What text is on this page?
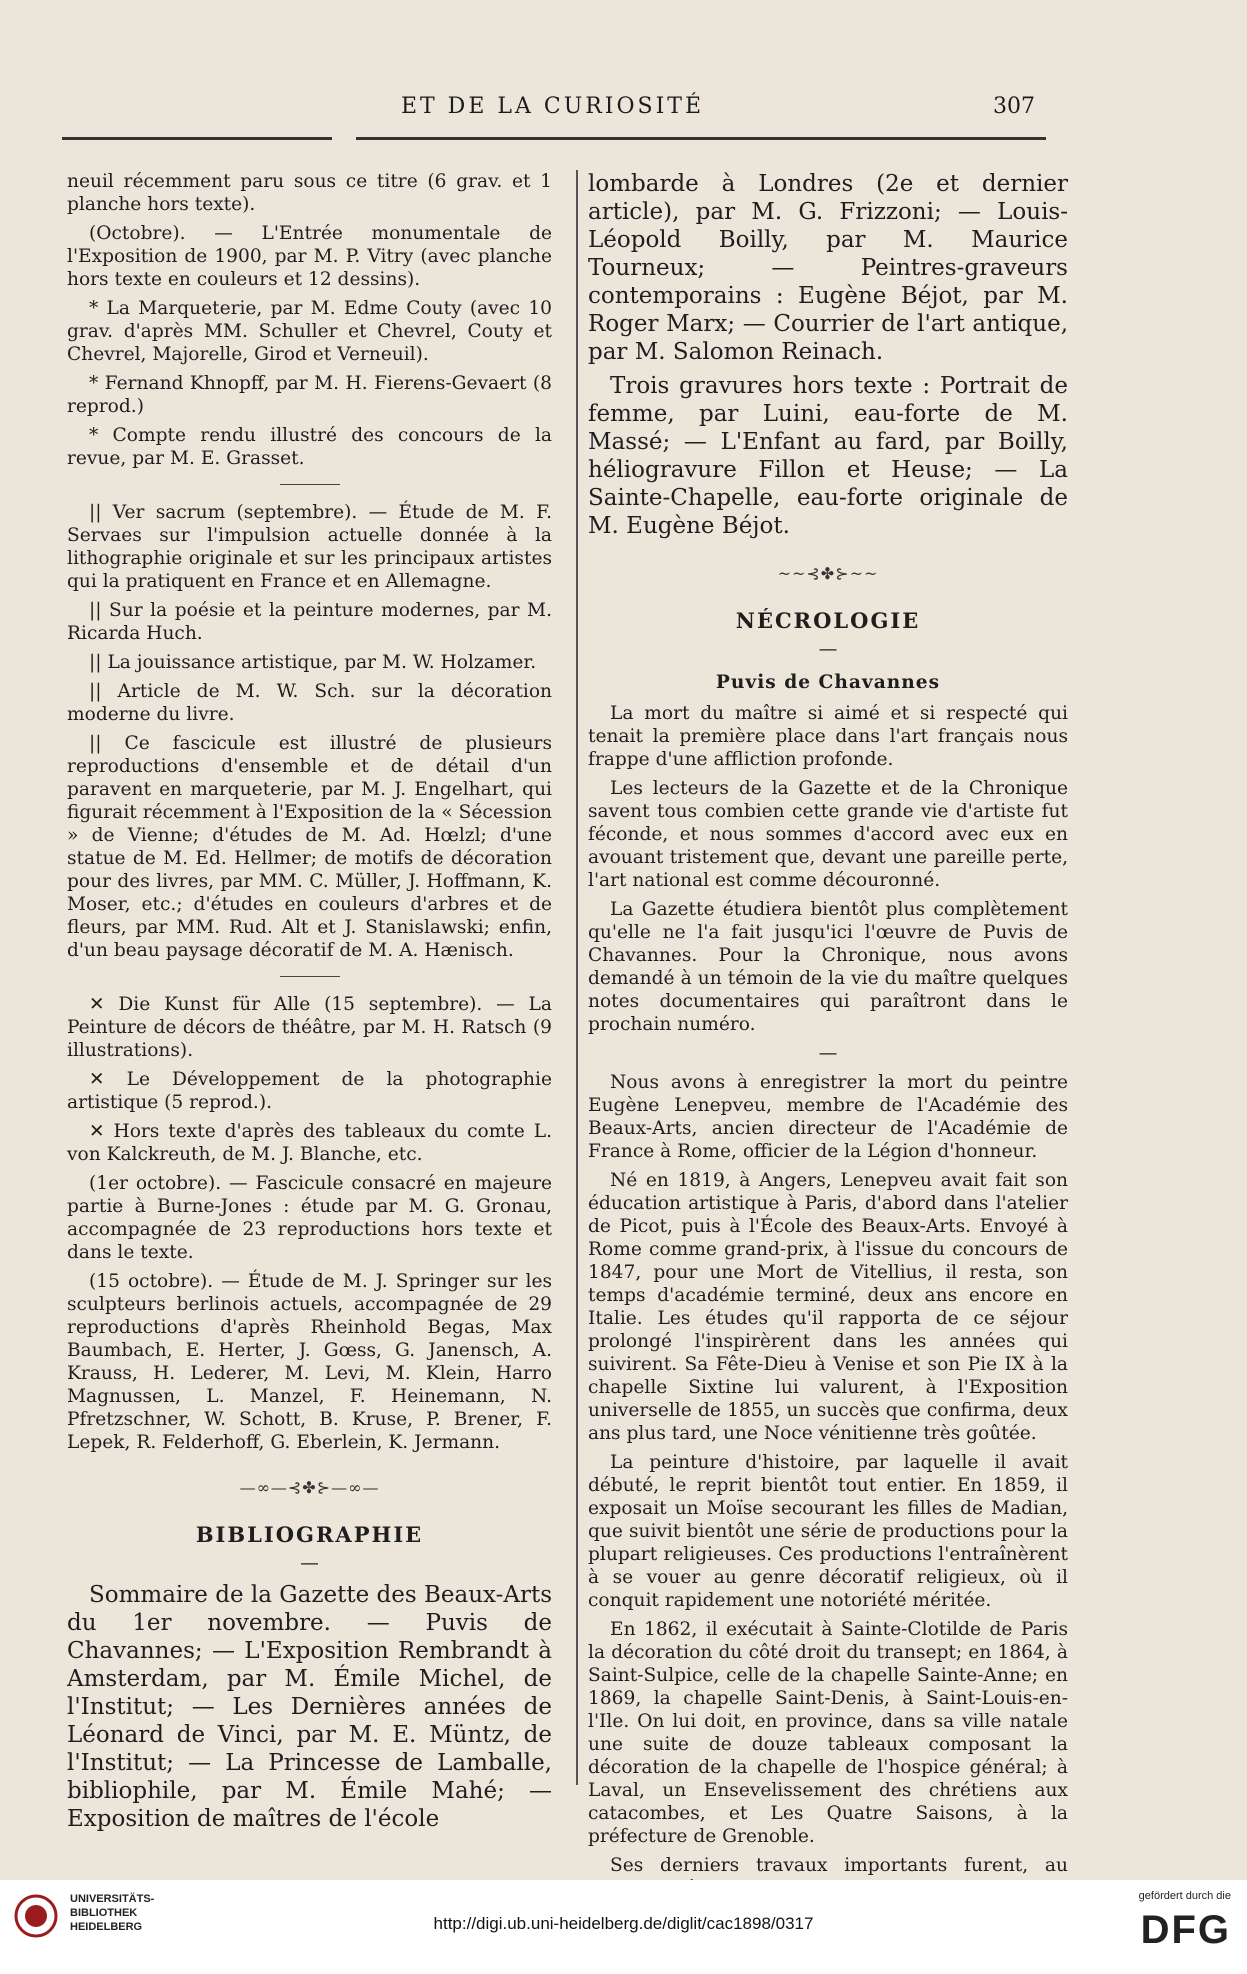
ET DE LA CURIOSITÉ	307

neuil récemment paru sous ce titre (6 grav. et 1 planche hors texte).

(Octobre). — L'Entrée monumentale de l'Exposition de 1900, par M. P. Vitry (avec planche hors texte en couleurs et 12 dessins).

* La Marqueterie, par M. Edme Couty (avec 10 grav. d'après MM. Schuller et Chevrel, Couty et Chevrel, Majorelle, Girod et Verneuil).

* Fernand Khnopff, par M. H. Fierens-Gevaert (8 reprod.)

* Compte rendu illustré des concours de la revue, par M. E. Grasset.

|| Ver sacrum (septembre). — Étude de M. F. Servaes sur l'impulsion actuelle donnée à la lithographie originale et sur les principaux artistes qui la pratiquent en France et en Allemagne.

|| Sur la poésie et la peinture modernes, par M. Ricarda Huch.

|| La jouissance artistique, par M. W. Holzamer.

|| Article de M. W. Sch. sur la décoration moderne du livre.

|| Ce fascicule est illustré de plusieurs reproductions d'ensemble et de détail d'un paravent en marqueterie, par M. J. Engelhart, qui figurait récemment à l'Exposition de la « Sécession » de Vienne; d'études de M. Ad. Hœlzl; d'une statue de M. Ed. Hellmer; de motifs de décoration pour des livres, par MM. C. Müller, J. Hoffmann, K. Moser, etc.; d'études en couleurs d'arbres et de fleurs, par MM. Rud. Alt et J. Stanislawski; enfin, d'un beau paysage décoratif de M. A. Hænisch.

✕ Die Kunst für Alle (15 septembre). — La Peinture de décors de théâtre, par M. H. Ratsch (9 illustrations).

✕ Le Développement de la photographie artistique (5 reprod.).

✕ Hors texte d'après des tableaux du comte L. von Kalckreuth, de M. J. Blanche, etc.

(1er octobre). — Fascicule consacré en majeure partie à Burne-Jones : étude par M. G. Gronau, accompagnée de 23 reproductions hors texte et dans le texte.

(15 octobre). — Étude de M. J. Springer sur les sculpteurs berlinois actuels, accompagnée de 29 reproductions d'après Rheinhold Begas, Max Baumbach, E. Herter, J. Gœss, G. Janensch, A. Krauss, H. Lederer, M. Levi, M. Klein, Harro Magnussen, L. Manzel, F. Heinemann, N. Pfretzschner, W. Schott, B. Kruse, P. Brener, F. Lepek, R. Felderhoff, G. Eberlein, K. Jermann.

—∞—⊰✤⊱—∞—
BIBLIOGRAPHIE
—

Sommaire de la Gazette des Beaux-Arts du 1er novembre. — Puvis de Chavannes; — L'Exposition Rembrandt à Amsterdam, par M. Émile Michel, de l'Institut; — Les Dernières années de Léonard de Vinci, par M. E. Müntz, de l'Institut; — La Princesse de Lamballe, bibliophile, par M. Émile Mahé; — Exposition de maîtres de l'école

lombarde à Londres (2e et dernier article), par M. G. Frizzoni; — Louis-Léopold Boilly, par M. Maurice Tourneux; — Peintres-graveurs contemporains : Eugène Béjot, par M. Roger Marx; — Courrier de l'art antique, par M. Salomon Reinach.

Trois gravures hors texte : Portrait de femme, par Luini, eau-forte de M. Massé; — L'Enfant au fard, par Boilly, héliogravure Fillon et Heuse; — La Sainte-Chapelle, eau-forte originale de M. Eugène Béjot.

~~⊰✤⊱~~
NÉCROLOGIE
—
Puvis de Chavannes

La mort du maître si aimé et si respecté qui tenait la première place dans l'art français nous frappe d'une affliction profonde.

Les lecteurs de la Gazette et de la Chronique savent tous combien cette grande vie d'artiste fut féconde, et nous sommes d'accord avec eux en avouant tristement que, devant une pareille perte, l'art national est comme découronné.

La Gazette étudiera bientôt plus complètement qu'elle ne l'a fait jusqu'ici l'œuvre de Puvis de Chavannes. Pour la Chronique, nous avons demandé à un témoin de la vie du maître quelques notes documentaires qui paraîtront dans le prochain numéro.

—

Nous avons à enregistrer la mort du peintre Eugène Lenepveu, membre de l'Académie des Beaux-Arts, ancien directeur de l'Académie de France à Rome, officier de la Légion d'honneur.

Né en 1819, à Angers, Lenepveu avait fait son éducation artistique à Paris, d'abord dans l'atelier de Picot, puis à l'École des Beaux-Arts. Envoyé à Rome comme grand-prix, à l'issue du concours de 1847, pour une Mort de Vitellius, il resta, son temps d'académie terminé, deux ans encore en Italie. Les études qu'il rapporta de ce séjour prolongé l'inspirèrent dans les années qui suivirent. Sa Fête-Dieu à Venise et son Pie IX à la chapelle Sixtine lui valurent, à l'Exposition universelle de 1855, un succès que confirma, deux ans plus tard, une Noce vénitienne très goûtée.

La peinture d'histoire, par laquelle il avait débuté, le reprit bientôt tout entier. En 1859, il exposait un Moïse secourant les filles de Madian, que suivit bientôt une série de productions pour la plupart religieuses. Ces productions l'entraînèrent à se vouer au genre décoratif religieux, où il conquit rapidement une notoriété méritée.

En 1862, il exécutait à Sainte-Clotilde de Paris la décoration du côté droit du transept; en 1864, à Saint-Sulpice, celle de la chapelle Sainte-Anne; en 1869, la chapelle Saint-Denis, à Saint-Louis-en-l'Ile. On lui doit, en province, dans sa ville natale une suite de douze tableaux composant la décoration de la chapelle de l'hospice général; à Laval, un Ensevelissement des chrétiens aux catacombes, et Les Quatre Saisons, à la préfecture de Grenoble.

Ses derniers travaux importants furent, au

UNIVERSITÄTS-
BIBLIOTHEK
HEIDELBERG	http://digi.ub.uni-heidelberg.de/diglit/cac1898/0317
gefördert durch die
DFG
